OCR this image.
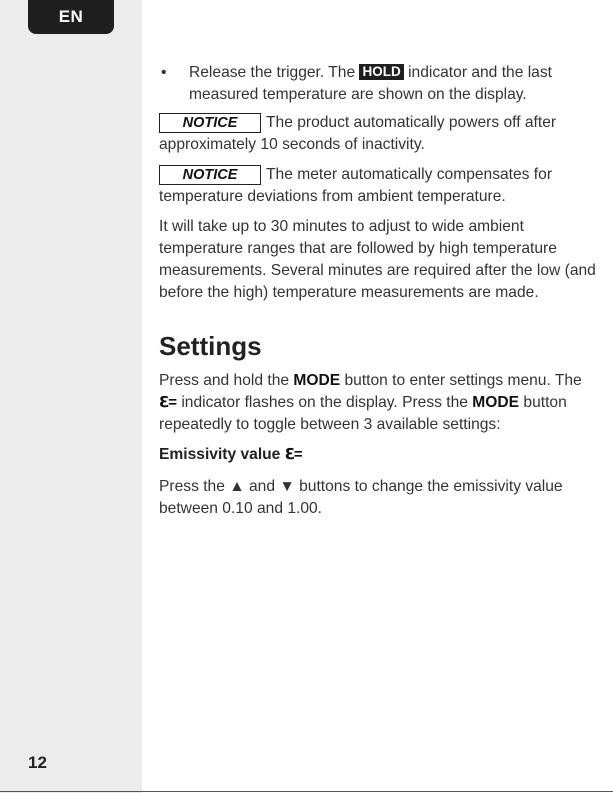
EN
12
•	Release the trigger. The HOLD indicator and the last measured temperature are shown on the display.

NOTICE The product automatically powers off after approximately 10 seconds of inactivity.

NOTICE The meter automatically compensates for temperature deviations from ambient temperature.

It will take up to 30 minutes to adjust to wide ambient temperature ranges that are followed by high temperature measurements. Several minutes are required after the low (and before the high) temperature measurements are made.

Settings

Press and hold the MODE button to enter settings menu. The ℇ= indicator flashes on the display. Press the MODE button repeatedly to toggle between 3 available settings:

Emissivity value ℇ=

Press the ▲ and ▼ buttons to change the emissivity value between 0.10 and 1.00.
